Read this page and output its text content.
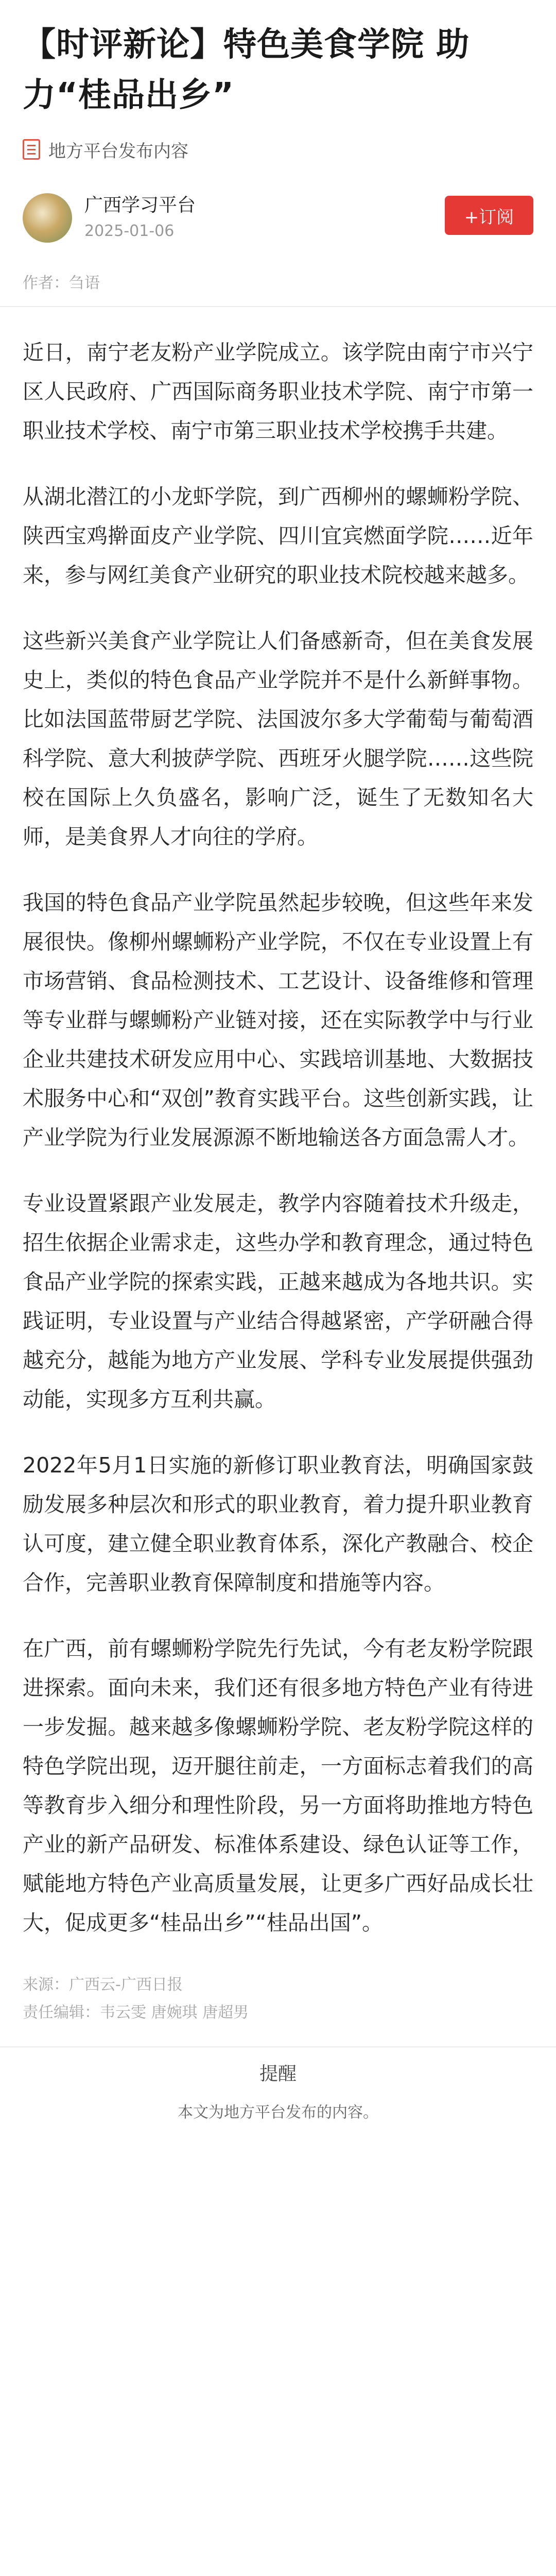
【时评新论】特色美食学院 助力“桂品出乡”
地方平台发布内容
广西学习平台
2025-01-06
+订阅
作者：刍语

近日，南宁老友粉产业学院成立。该学院由南宁市兴宁区人民政府、广西国际商务职业技术学院、南宁市第一职业技术学校、南宁市第三职业技术学校携手共建。

从湖北潜江的小龙虾学院，到广西柳州的螺蛳粉学院、陕西宝鸡擀面皮产业学院、四川宜宾燃面学院……近年来，参与网红美食产业研究的职业技术院校越来越多。

这些新兴美食产业学院让人们备感新奇，但在美食发展史上，类似的特色食品产业学院并不是什么新鲜事物。比如法国蓝带厨艺学院、法国波尔多大学葡萄与葡萄酒科学院、意大利披萨学院、西班牙火腿学院……这些院校在国际上久负盛名，影响广泛，诞生了无数知名大师，是美食界人才向往的学府。

我国的特色食品产业学院虽然起步较晚，但这些年来发展很快。像柳州螺蛳粉产业学院，不仅在专业设置上有市场营销、食品检测技术、工艺设计、设备维修和管理等专业群与螺蛳粉产业链对接，还在实际教学中与行业企业共建技术研发应用中心、实践培训基地、大数据技术服务中心和“双创”教育实践平台。这些创新实践，让产业学院为行业发展源源不断地输送各方面急需人才。

专业设置紧跟产业发展走，教学内容随着技术升级走，招生依据企业需求走，这些办学和教育理念，通过特色食品产业学院的探索实践，正越来越成为各地共识。实践证明，专业设置与产业结合得越紧密，产学研融合得越充分，越能为地方产业发展、学科专业发展提供强劲动能，实现多方互利共赢。

2022年5月1日实施的新修订职业教育法，明确国家鼓励发展多种层次和形式的职业教育，着力提升职业教育认可度，建立健全职业教育体系，深化产教融合、校企合作，完善职业教育保障制度和措施等内容。

在广西，前有螺蛳粉学院先行先试，今有老友粉学院跟进探索。面向未来，我们还有很多地方特色产业有待进一步发掘。越来越多像螺蛳粉学院、老友粉学院这样的特色学院出现，迈开腿往前走，一方面标志着我们的高等教育步入细分和理性阶段，另一方面将助推地方特色产业的新产品研发、标准体系建设、绿色认证等工作，赋能地方特色产业高质量发展，让更多广西好品成长壮大，促成更多“桂品出乡”“桂品出国”。

来源：广西云-广西日报
责任编辑：韦云雯 唐婉琪 唐超男
提醒
本文为地方平台发布的内容。
